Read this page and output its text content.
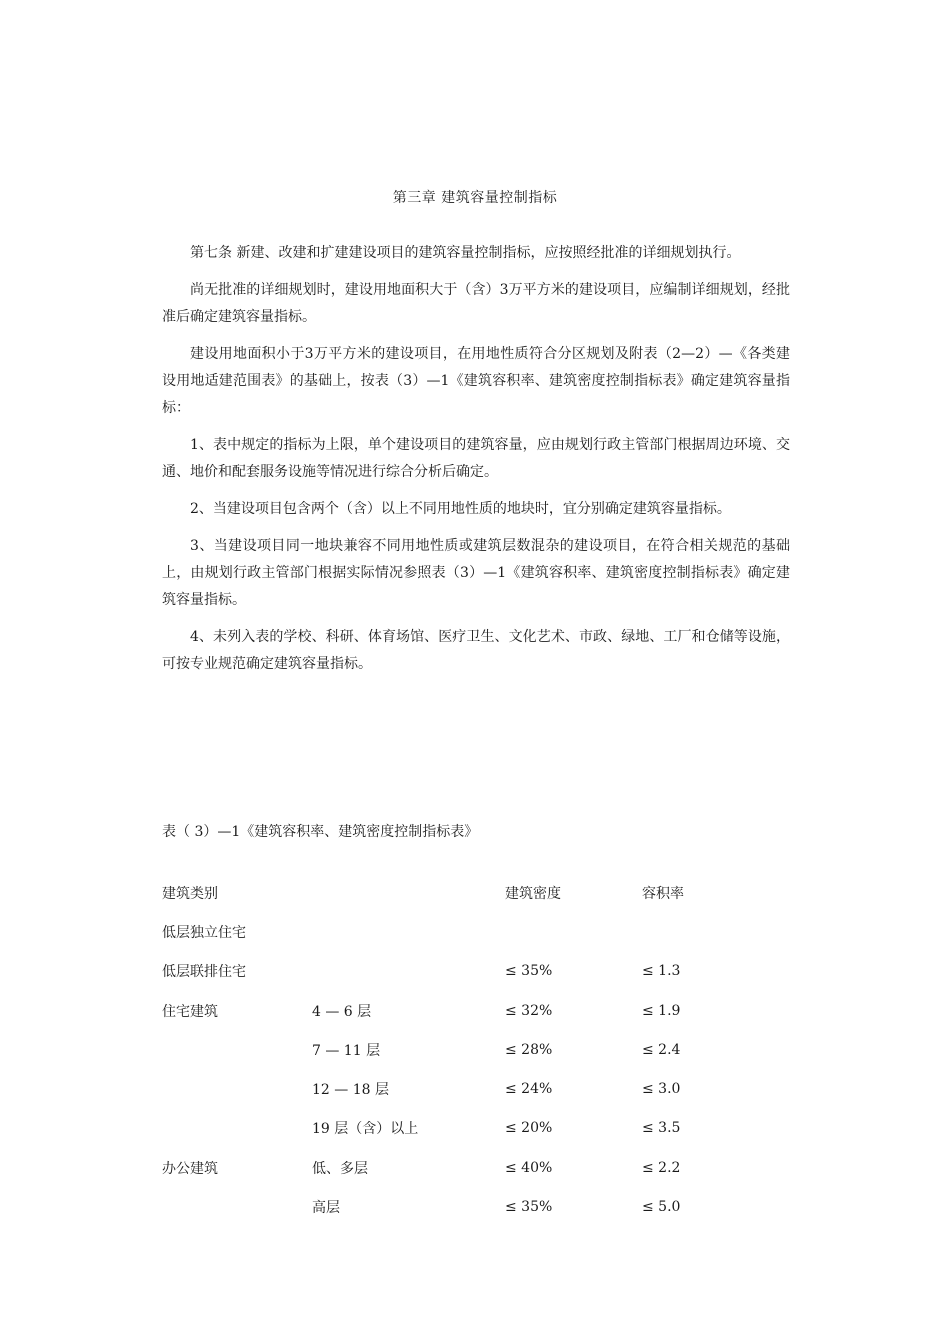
第三章 建筑容量控制指标

第七条 新建、改建和扩建建设项目的建筑容量控制指标，应按照经批准的详细规划执行。

尚无批准的详细规划时，建设用地面积大于（含）3万平方米的建设项目，应编制详细规划，经批准后确定建筑容量指标。

建设用地面积小于3万平方米的建设项目，在用地性质符合分区规划及附表（2—2）—《各类建设用地适建范围表》的基础上，按表（3）—1《建筑容积率、建筑密度控制指标表》确定建筑容量指标：

1、表中规定的指标为上限，单个建设项目的建筑容量，应由规划行政主管部门根据周边环境、交通、地价和配套服务设施等情况进行综合分析后确定。

2、当建设项目包含两个（含）以上不同用地性质的地块时，宜分别确定建筑容量指标。

3、当建设项目同一地块兼容不同用地性质或建筑层数混杂的建设项目，在符合相关规范的基础上，由规划行政主管部门根据实际情况参照表（3）—1《建筑容积率、建筑密度控制指标表》确定建筑容量指标。

4、未列入表的学校、科研、体育场馆、医疗卫生、文化艺术、市政、绿地、工厂和仓储等设施，可按专业规范确定建筑容量指标。

表（ 3）—1《建筑容积率、建筑密度控制指标表》
建筑类别		建筑密度	容积率
低层独立住宅			
低层联排住宅		≤ 35%	≤ 1.3
住宅建筑	4 — 6 层	≤ 32%	≤ 1.9
	7 — 11 层	≤ 28%	≤ 2.4
	12 — 18 层	≤ 24%	≤ 3.0
	19 层（含）以上	≤ 20%	≤ 3.5
办公建筑	低、多层	≤ 40%	≤ 2.2
	高层	≤ 35%	≤ 5.0
